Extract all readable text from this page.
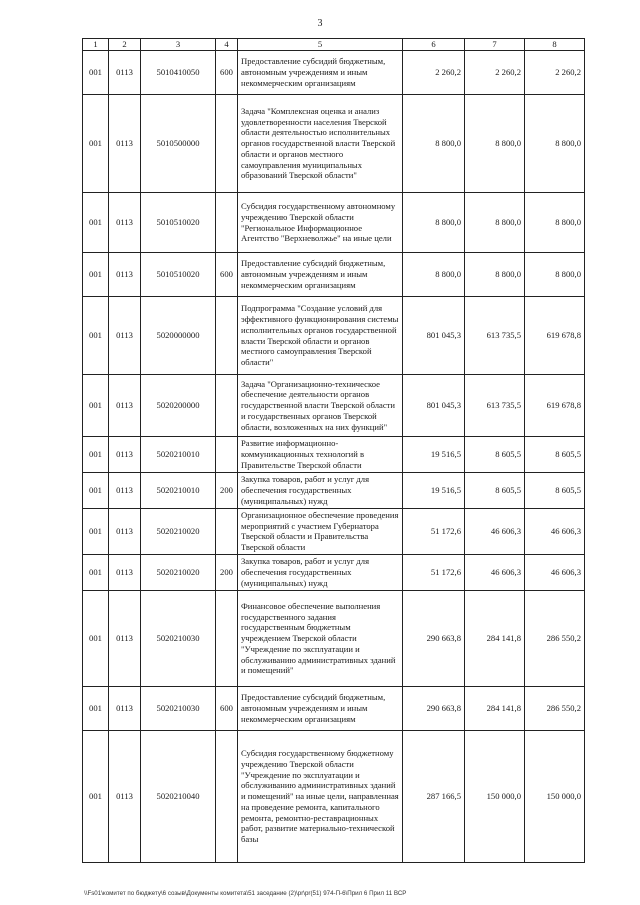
3
1	2	3	4	5	6	7	8
001	0113	5010410050	600	Предоставление субсидий бюджетным, автономным учреждениям и иным некоммерческим организациям	2 260,2	2 260,2	2 260,2
001	0113	5010500000		Задача "Комплексная оценка и анализ удовлетворенности населения Тверской области деятельностью исполнительных органов государственной власти Тверской области и органов местного самоуправления муниципальных образований Тверской области"	8 800,0	8 800,0	8 800,0
001	0113	5010510020		Субсидия государственному автономному учреждению Тверской области "Региональное Информационное Агентство "Верхневолжье" на иные цели	8 800,0	8 800,0	8 800,0
001	0113	5010510020	600	Предоставление субсидий бюджетным, автономным учреждениям и иным некоммерческим организациям	8 800,0	8 800,0	8 800,0
001	0113	5020000000		Подпрограмма "Создание условий для эффективного функционирования системы исполнительных органов государственной власти Тверской области и органов местного самоуправления Тверской области"	801 045,3	613 735,5	619 678,8
001	0113	5020200000		Задача "Организационно-техническое обеспечение деятельности органов государственной власти Тверской области и государственных органов Тверской области, возложенных на них функций"	801 045,3	613 735,5	619 678,8
001	0113	5020210010		Развитие информационно-коммуникационных технологий в Правительстве Тверской области	19 516,5	8 605,5	8 605,5
001	0113	5020210010	200	Закупка товаров, работ и услуг для обеспечения государственных (муниципальных) нужд	19 516,5	8 605,5	8 605,5
001	0113	5020210020		Организационное обеспечение проведения мероприятий с участием Губернатора Тверской области и Правительства Тверской области	51 172,6	46 606,3	46 606,3
001	0113	5020210020	200	Закупка товаров, работ и услуг для обеспечения государственных (муниципальных) нужд	51 172,6	46 606,3	46 606,3
001	0113	5020210030		Финансовое обеспечение выполнения государственного задания государственным бюджетным учреждением Тверской области "Учреждение по эксплуатации и обслуживанию административных зданий и помещений"	290 663,8	284 141,8	286 550,2
001	0113	5020210030	600	Предоставление субсидий бюджетным, автономным учреждениям и иным некоммерческим организациям	290 663,8	284 141,8	286 550,2
001	0113	5020210040		Субсидия государственному бюджетному учреждению Тверской области "Учреждение по эксплуатации и обслуживанию административных зданий и помещений" на иные цели, направленная на проведение ремонта, капитального ремонта, ремонтно-реставрационных работ, развитие материально-технической базы	287 166,5	150 000,0	150 000,0
\\Fs01\комитет по бюджету\6 созыв\Документы комитета\51 заседание (2)\pr\pr(51) 974-П-6\Прил 6 Прил 11 ВСР
